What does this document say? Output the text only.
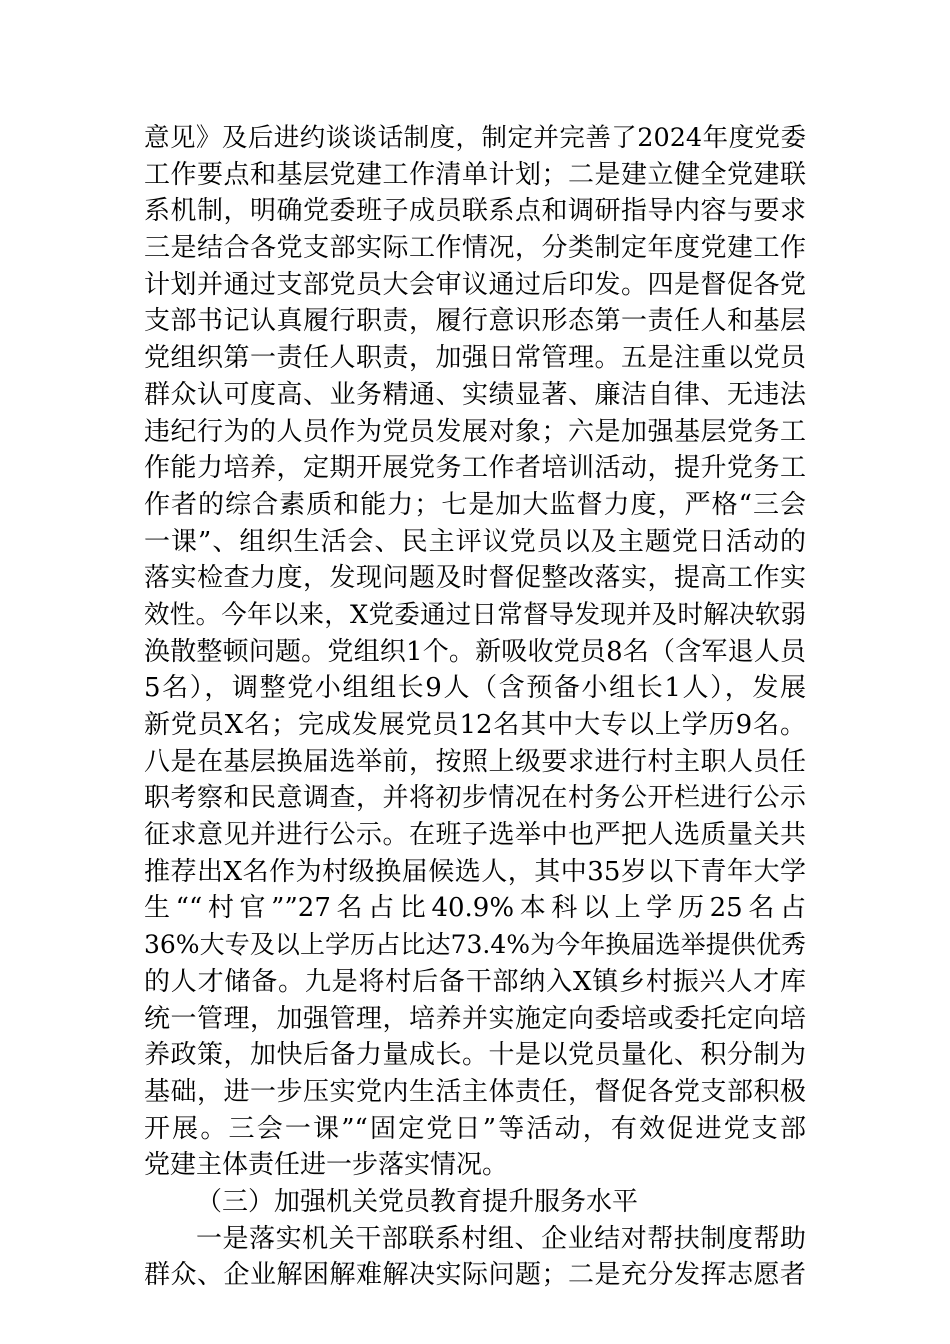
意见》及后进约谈谈话制度，制定并完善了2024年度党委
工作要点和基层党建工作清单计划；二是建立健全党建联
系机制，明确党委班子成员联系点和调研指导内容与要求
三是结合各党支部实际工作情况，分类制定年度党建工作
计划并通过支部党员大会审议通过后印发。四是督促各党
支部书记认真履行职责，履行意识形态第一责任人和基层
党组织第一责任人职责，加强日常管理。五是注重以党员
群众认可度高、业务精通、实绩显著、廉洁自律、无违法
违纪行为的人员作为党员发展对象；六是加强基层党务工
作能力培养，定期开展党务工作者培训活动，提升党务工
作者的综合素质和能力；七是加大监督力度，严格“三会
一课”、组织生活会、民主评议党员以及主题党日活动的
落实检查力度，发现问题及时督促整改落实，提高工作实
效性。今年以来，X党委通过日常督导发现并及时解决软弱
涣散整顿问题。党组织1个。新吸收党员8名（含军退人员
5名），调整党小组组长9人（含预备小组长1人），发展
新党员X名；完成发展党员12名其中大专以上学历9名。
八是在基层换届选举前，按照上级要求进行村主职人员任
职考察和民意调查，并将初步情况在村务公开栏进行公示
征求意见并进行公示。在班子选举中也严把人选质量关共
推荐出X名作为村级换届候选人，其中35岁以下青年大学
生““村官””27名占比40.9%本科以上学历25名占
36%大专及以上学历占比达73.4%为今年换届选举提供优秀
的人才储备。九是将村后备干部纳入X镇乡村振兴人才库
统一管理，加强管理，培养并实施定向委培或委托定向培
养政策，加快后备力量成长。十是以党员量化、积分制为
基础，进一步压实党内生活主体责任，督促各党支部积极
开展。三会一课”“固定党日”等活动，有效促进党支部
党建主体责任进一步落实情况。
（三）加强机关党员教育提升服务水平
一是落实机关干部联系村组、企业结对帮扶制度帮助
群众、企业解困解难解决实际问题；二是充分发挥志愿者
